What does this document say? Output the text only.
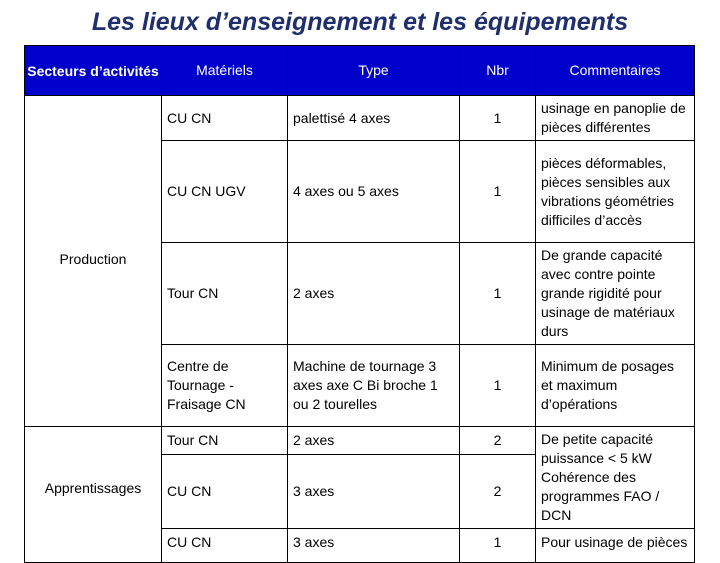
Les lieux d’enseignement et les équipements
Secteurs d’activités	Matériels	Type	Nbr	Commentaires
Production	CU CN	palettisé 4 axes	1	usinage en panoplie de pièces différentes
	CU CN UGV	4 axes ou 5 axes	1	pièces déformables, pièces sensibles aux vibrations géométries difficiles d’accès
	Tour CN	2 axes	1	De grande capacité avec contre pointe grande rigidité pour usinage de matériaux durs
	Centre de Tournage - Fraisage CN	Machine de tournage 3 axes axe C Bi broche 1 ou 2 tourelles	1	Minimum de posages et maximum d’opérations
Apprentissages	Tour CN	2 axes	2	De petite capacité puissance < 5 kW Cohérence des programmes FAO / DCN
	CU CN	3 axes	2	
	CU CN	3 axes	1	Pour usinage de pièces
